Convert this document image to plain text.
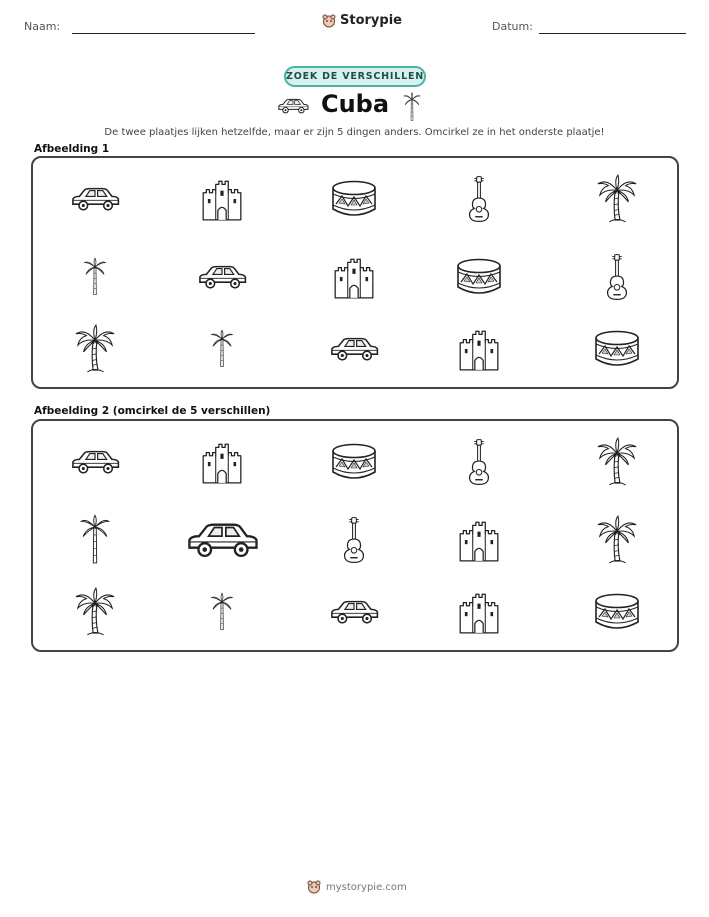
Naam:	Storypie	Datum:
ZOEK DE VERSCHILLEN
Cuba
De twee plaatjes lijken hetzelfde, maar er zijn 5 dingen anders. Omcirkel ze in het onderste plaatje!
Afbeelding 1
Afbeelding 2 (omcirkel de 5 verschillen)
mystorypie.com
